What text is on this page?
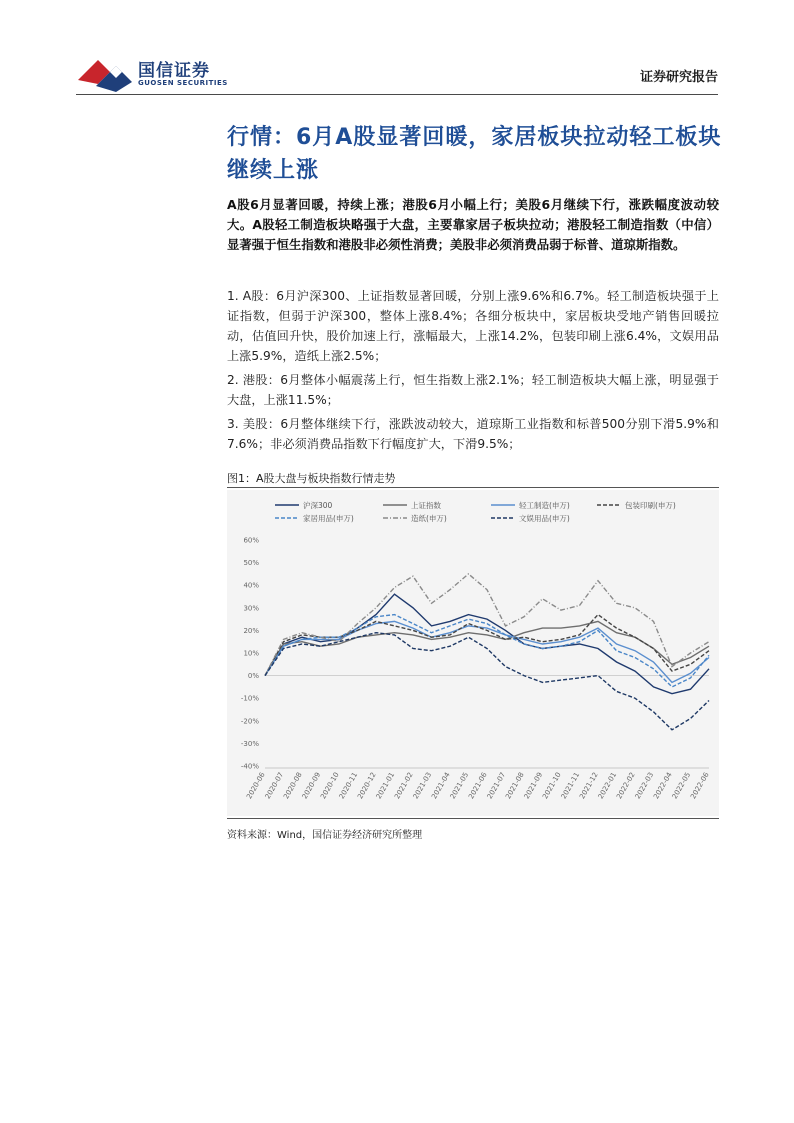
国信证券
GUOSEN SECURITIES	证券研究报告
行情：6月A股显著回暖，家居板块拉动轻工板块继续上涨
A股6月显著回暖，持续上涨；港股6月小幅上行；美股6月继续下行，涨跌幅度波动较大。A股轻工制造板块略强于大盘，主要靠家居子板块拉动；港股轻工制造指数（中信）显著强于恒生指数和港股非必须性消费；美股非必须消费品弱于标普、道琼斯指数。
1. A股：6月沪深300、上证指数显著回暖，分别上涨9.6%和6.7%。轻工制造板块强于上证指数，但弱于沪深300，整体上涨8.4%；各细分板块中，家居板块受地产销售回暖拉动，估值回升快，股价加速上行，涨幅最大，上涨14.2%，包装印刷上涨6.4%，文娱用品上涨5.9%，造纸上涨2.5%；
2. 港股：6月整体小幅震荡上行，恒生指数上涨2.1%；轻工制造板块大幅上涨，明显强于大盘，上涨11.5%；
3. 美股：6月整体继续下行，涨跌波动较大，道琼斯工业指数和标普500分别下滑5.9%和7.6%；非必须消费品指数下行幅度扩大，下滑9.5%；
图1：A股大盘与板块指数行情走势
沪深300	上证指数	轻工制造(申万)	包装印刷(申万)
家居用品(申万)	造纸(申万)	文娱用品(申万)
60%
50%
40%
30%
20%
10%
0%
-10%
-20%
-30%
-40%
2020-06
2020-07
2020-08
2020-09
2020-10
2020-11
2020-12
2021-01
2021-02
2021-03
2021-04
2021-05
2021-06
2021-07
2021-08
2021-09
2021-10
2021-11
2021-12
2022-01
2022-02
2022-03
2022-04
2022-05
2022-06
资料来源：Wind，国信证券经济研究所整理
